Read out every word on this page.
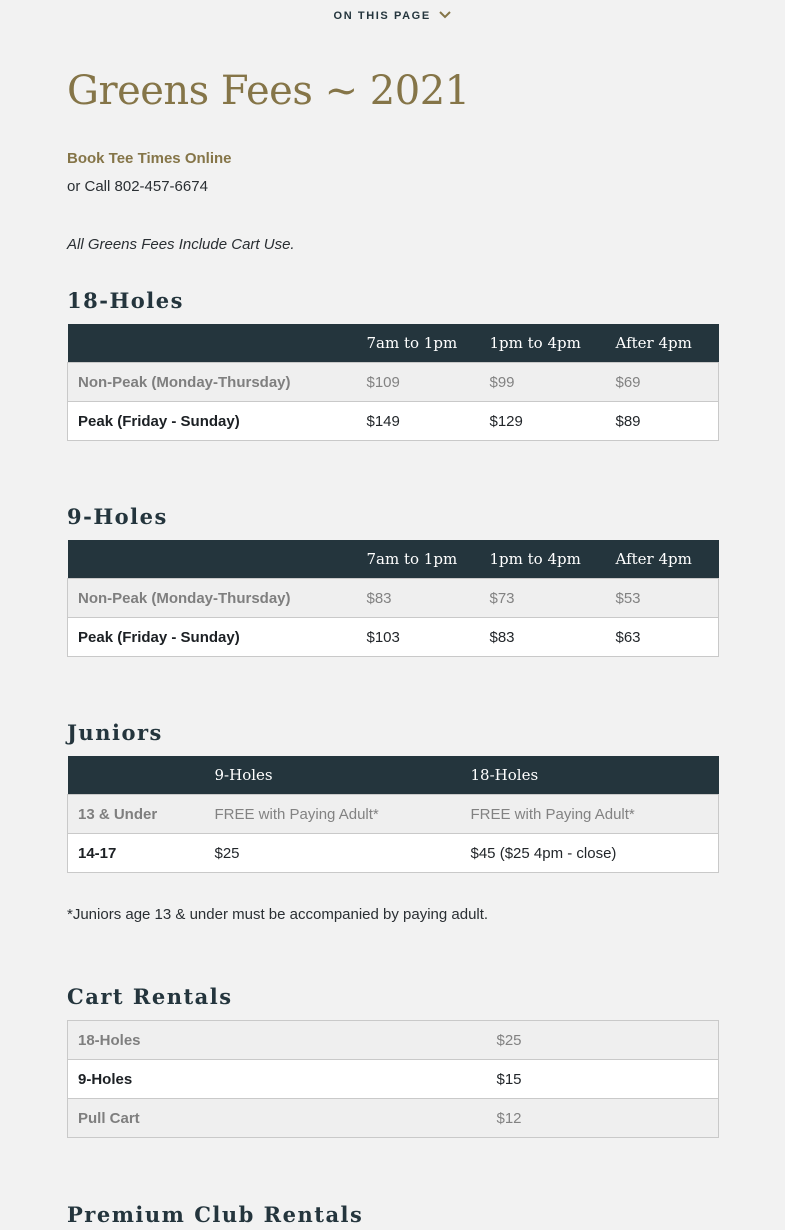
ON THIS PAGE
Greens Fees ~ 2021
Book Tee Times Online
or Call 802-457-6674
All Greens Fees Include Cart Use.
18-Holes
	7am to 1pm	1pm to 4pm	After 4pm
Non-Peak (Monday-Thursday)	$109	$99	$69
Peak (Friday - Sunday)	$149	$129	$89
9-Holes
	7am to 1pm	1pm to 4pm	After 4pm
Non-Peak (Monday-Thursday)	$83	$73	$53
Peak (Friday - Sunday)	$103	$83	$63
Juniors
	9-Holes	18-Holes
13 & Under	FREE with Paying Adult*	FREE with Paying Adult*
14-17	$25	$45 ($25 4pm - close)
*Juniors age 13 & under must be accompanied by paying adult.
Cart Rentals
18-Holes	$25
9-Holes	$15
Pull Cart	$12
Premium Club Rentals
